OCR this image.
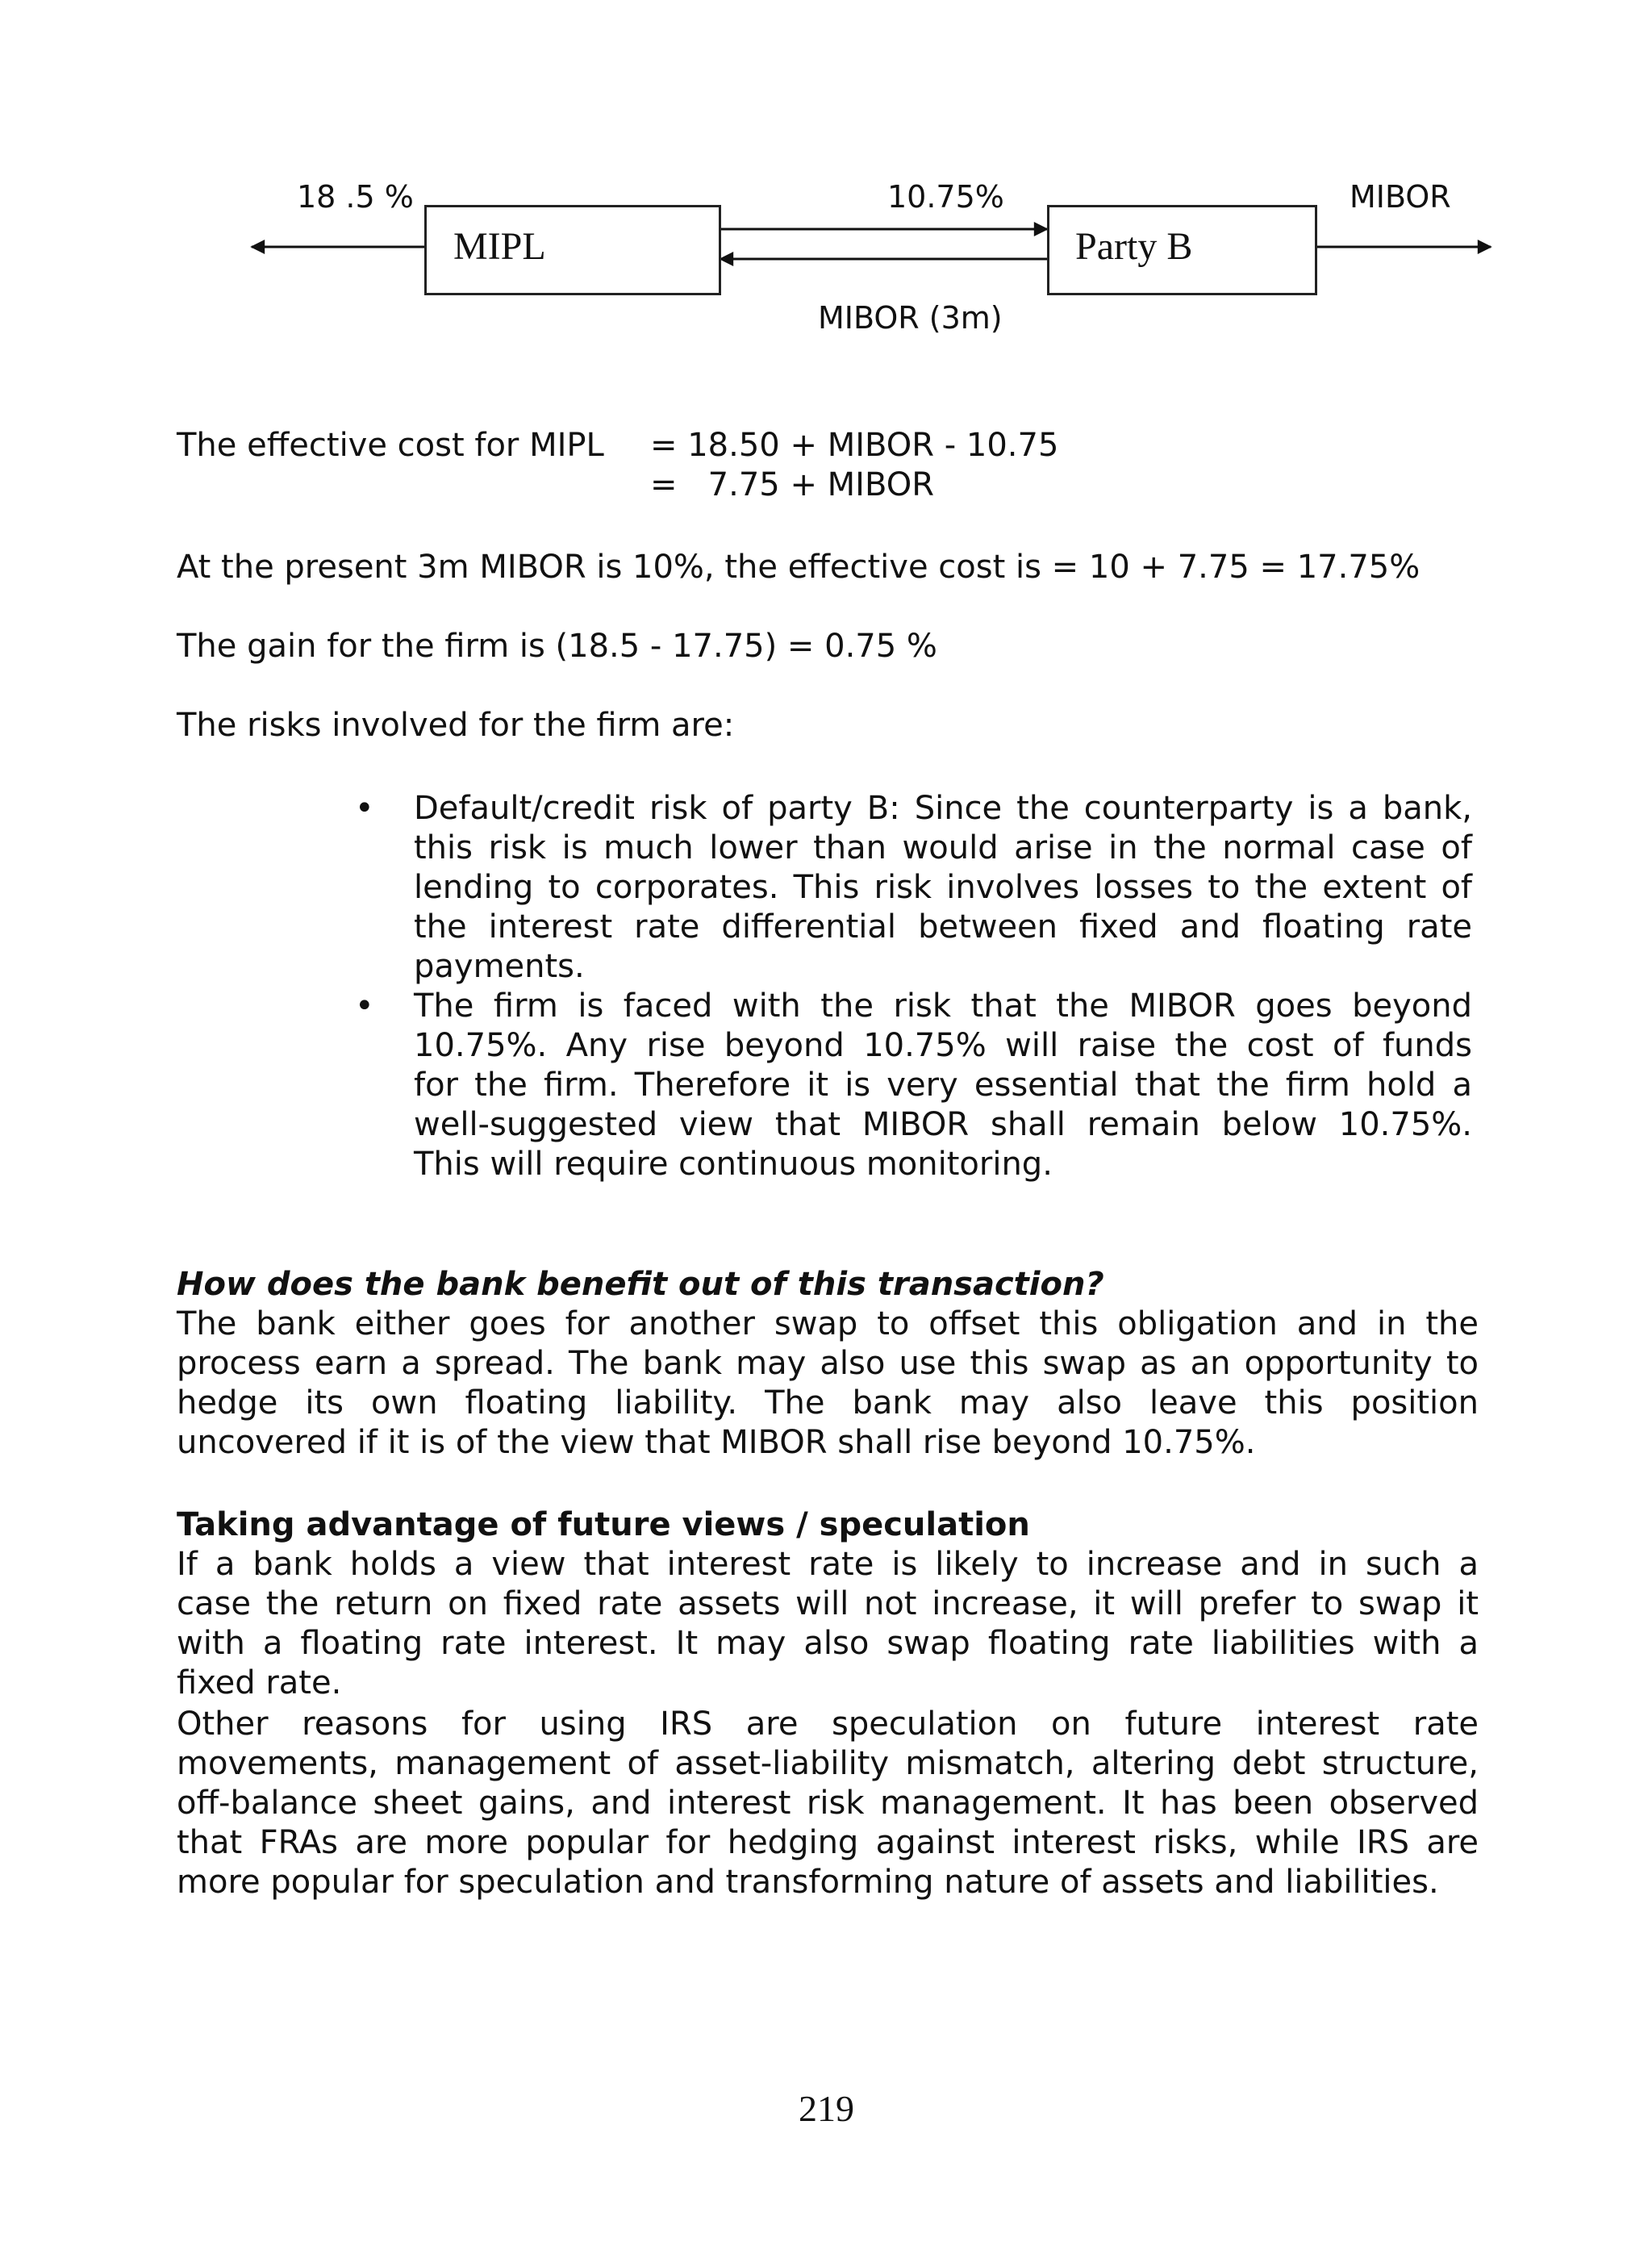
MIPL	Party B
18 .5 %	10.75%	MIBOR
MIBOR (3m)
The effective cost for MIPL = 18.50 + MIBOR - 10.75
=   7.75 + MIBOR
At the present 3m MIBOR is 10%, the effective cost is = 10 + 7.75 = 17.75%
The gain for the firm is (18.5 - 17.75) = 0.75 %
The risks involved for the firm are:
• Default/credit risk of party B: Since the counterparty is a bank,
this risk is much lower than would arise in the normal case of
lending to corporates. This risk involves losses to the extent of
the interest rate differential between fixed and floating rate
payments.
• The firm is faced with the risk that the MIBOR goes beyond
10.75%. Any rise beyond 10.75% will raise the cost of funds
for the firm. Therefore it is very essential that the firm hold a
well-suggested view that MIBOR shall remain below 10.75%.
This will require continuous monitoring.
How does the bank benefit out of this transaction?
The bank either goes for another swap to offset this obligation and in the
process earn a spread. The bank may also use this swap as an opportunity to
hedge its own floating liability. The bank may also leave this position
uncovered if it is of the view that MIBOR shall rise beyond 10.75%.
Taking advantage of future views / speculation
If a bank holds a view that interest rate is likely to increase and in such a
case the return on fixed rate assets will not increase, it will prefer to swap it
with a floating rate interest. It may also swap floating rate liabilities with a
fixed rate.
Other reasons for using IRS are speculation on future interest rate
movements, management of asset-liability mismatch, altering debt structure,
off-balance sheet gains, and interest risk management. It has been observed
that FRAs are more popular for hedging against interest risks, while IRS are
more popular for speculation and transforming nature of assets and liabilities.
219
